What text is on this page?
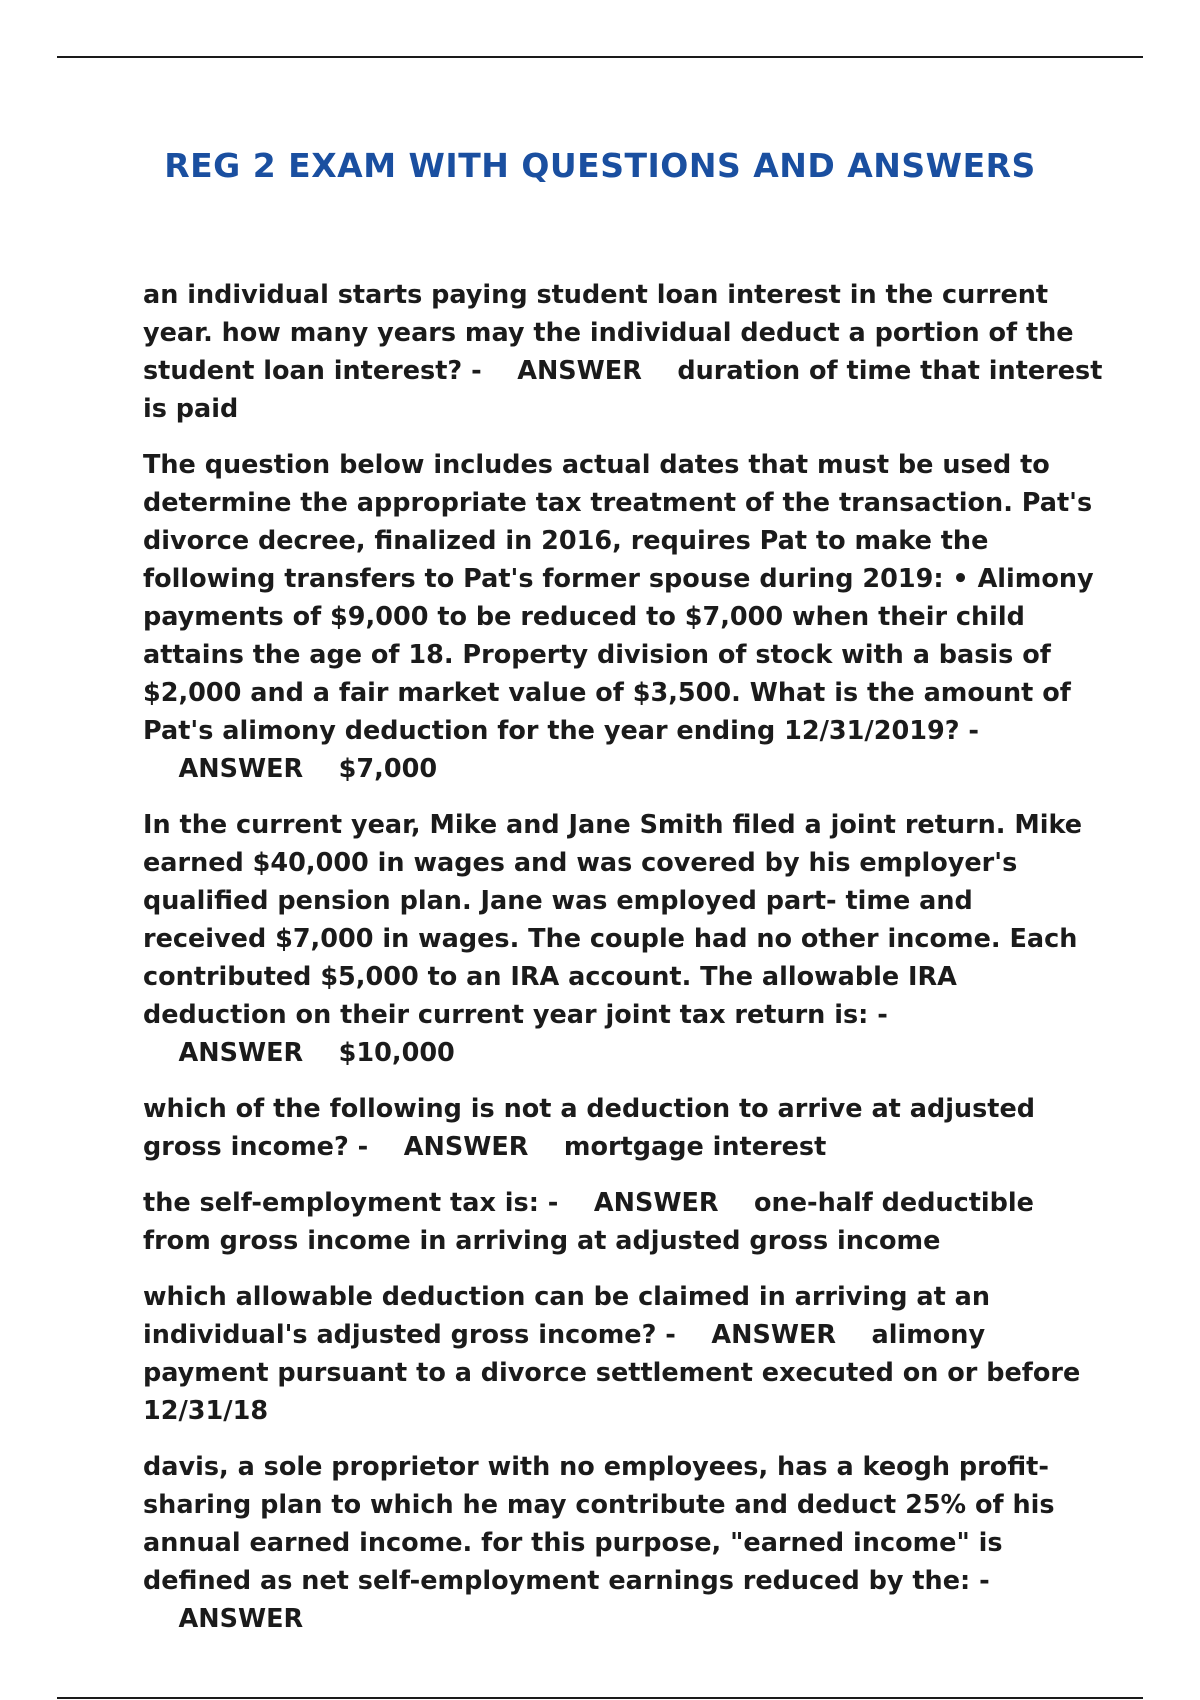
REG 2 EXAM WITH QUESTIONS AND ANSWERS

an individual starts paying student loan interest in the current year. how many years may the individual deduct a portion of the student loan interest? - ANSWER duration of time that interest is paid

The question below includes actual dates that must be used to determine the appropriate tax treatment of the transaction. Pat's divorce decree, finalized in 2016, requires Pat to make the following transfers to Pat's former spouse during 2019: • Alimony payments of $9,000 to be reduced to $7,000 when their child attains the age of 18. Property division of stock with a basis of $2,000 and a fair market value of $3,500. What is the amount of Pat's alimony deduction for the year ending 12/31/2019? -    ANSWER $7,000

In the current year, Mike and Jane Smith filed a joint return. Mike earned $40,000 in wages and was covered by his employer's qualified pension plan. Jane was employed part- time and received $7,000 in wages. The couple had no other income. Each contributed $5,000 to an IRA account. The allowable IRA deduction on their current year joint tax return is: -    ANSWER $10,000

which of the following is not a deduction to arrive at adjusted gross income? - ANSWER mortgage interest

the self-employment tax is: - ANSWER one-half deductible from gross income in arriving at adjusted gross income

which allowable deduction can be claimed in arriving at an individual's adjusted gross income? - ANSWER alimony payment pursuant to a divorce settlement executed on or before 12/31/18

davis, a sole proprietor with no employees, has a keogh profit-sharing plan to which he may contribute and deduct 25% of his annual earned income. for this purpose, "earned income" is defined as net self-employment earnings reduced by the: -    ANSWER
